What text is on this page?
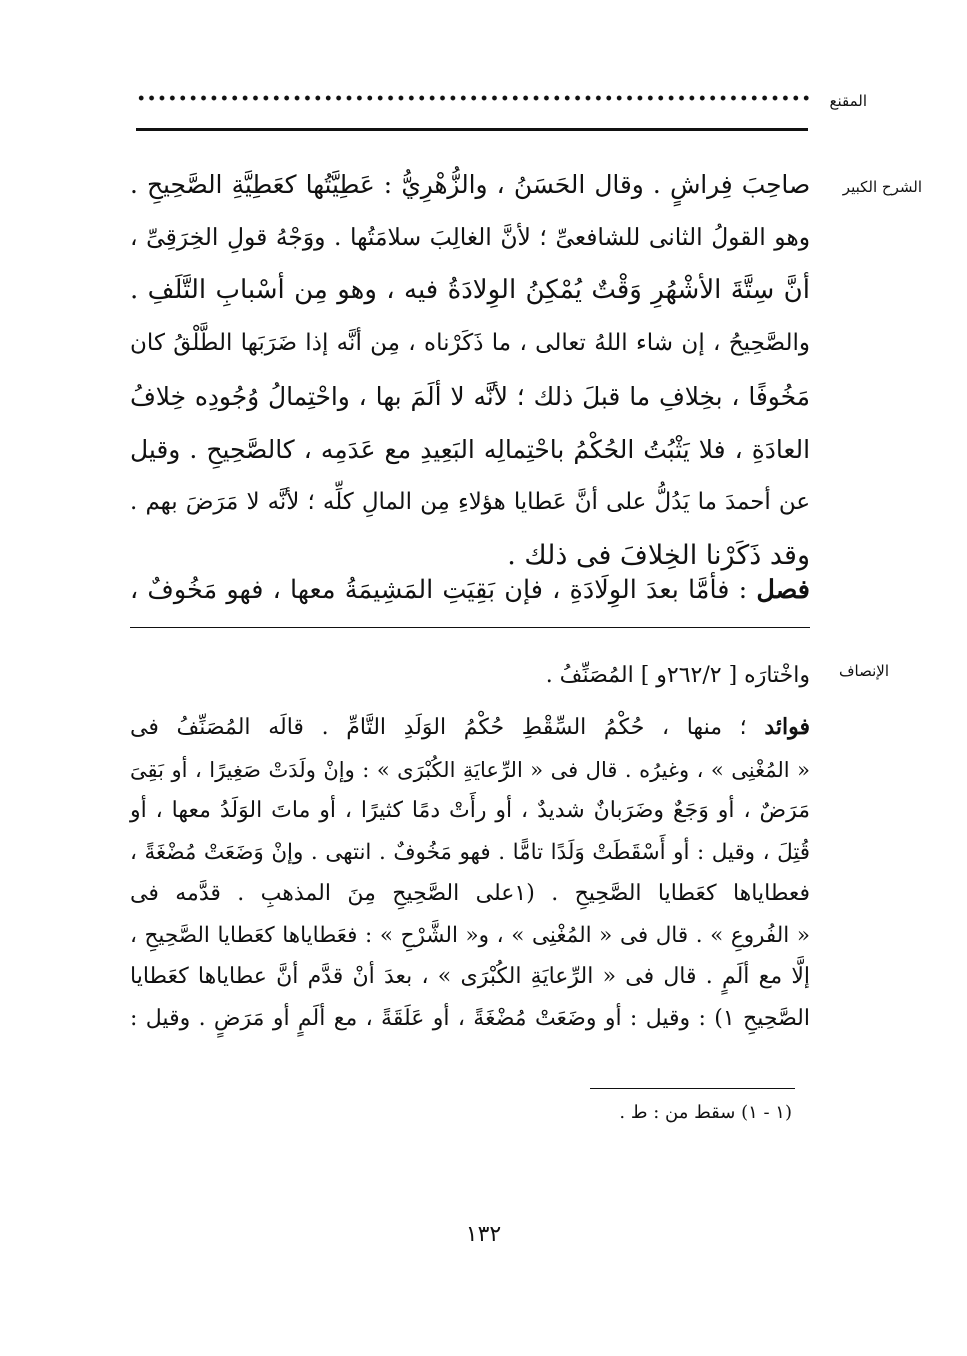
المقنع
الشرح الكبير
صاحِبَ فِراشٍ . وقال الحَسَنُ ، والزُّهْرِيُّ : عَطِيَّتُها كعَطِيَّةِ الصَّحِيحِ .
وهو القولُ الثانى للشافعىِّ ؛ لأنَّ الغالِبَ سلامَتُها . ووَجْهُ قولِ الخِرَقِىِّ ،
أنَّ سِتَّةَ الأشْهُرِ وَقْتٌ يُمْكِنُ الوِلادَةُ فيه ، وهو مِن أسْبابِ التَّلَفِ .
والصَّحِيحُ ، إن شاء اللهُ تعالى ، ما ذَكَرْناه ، مِن أنَّه إذا ضَرَبَها الطَّلْقُ كان
مَخُوفًا ، بخِلافِ ما قبلَ ذلك ؛ لأنَّه لا ألَمَ بها ، واحْتِمالُ وُجُودِه خِلافُ
العادَةِ ، فلا يَثْبُتُ الحُكْمُ باحْتِمالِه البَعِيدِ مع عَدَمِه ، كالصَّحِيحِ . وقيل
عن أحمدَ ما يَدُلُّ على أنَّ عَطايا هؤلاءِ مِن المالِ كلِّه ؛ لأنَّه لا مَرَضَ بهم .
وقد ذَكَرْنا الخِلافَ فى ذلك .
فصل : فأمَّا بعدَ الوِلَادَةِ ، فإن بَقِيَتِ المَشِيمَةُ معها ، فهو مَخُوفٌ ،
الإنصاف
واخْتارَه [ ٢٦٢/٢و ] المُصَنِّفُ .
فوائد ؛ منها ، حُكْمُ السِّقْطِ حُكْمُ الوَلَدِ التَّامِّ . قالَه المُصَنِّفُ فى
« المُغْنِى » ، وغيرُه . قال فى « الرِّعايَةِ الكُبْرَى » : وإنْ ولَدَتْ صَغِيرًا ، أو بَقِىَ
مَرَضٌ ، أو وَجَعٌ وضَرَبانٌ شديدٌ ، أو رأَتْ دمًا كثيرًا ، أو ماتَ الوَلَدُ معها ، أو
قُتِلَ ، وقيل : أو أَسْقَطَتْ وَلَدًا تامًّا . فهو مَخُوفٌ . انتهى . وإنْ وَضَعَتْ مُضْغَةً ،
فعطاياها كعَطايا الصَّحِيحِ . (١على الصَّحِيحِ مِنَ المذهبِ . قدَّمه فى
« الفُروعِ » . قال فى « المُغْنِى » ، و« الشَّرْحِ » : فعَطاياها كعَطايا الصَّحِيحِ ،
إلَّا مع ألَمٍ . قال فى « الرِّعايَةِ الكُبْرَى » ، بعدَ أنْ قدَّم أنَّ عطاياها كعَطايا
الصَّحِيحِ ١) : وقيل : أو وضَعَتْ مُضْغَةً ، أو عَلَقَةً ، مع ألَمٍ أو مَرَضٍ . وقيل :
(١ - ١) سقط من : ط .
١٣٢
